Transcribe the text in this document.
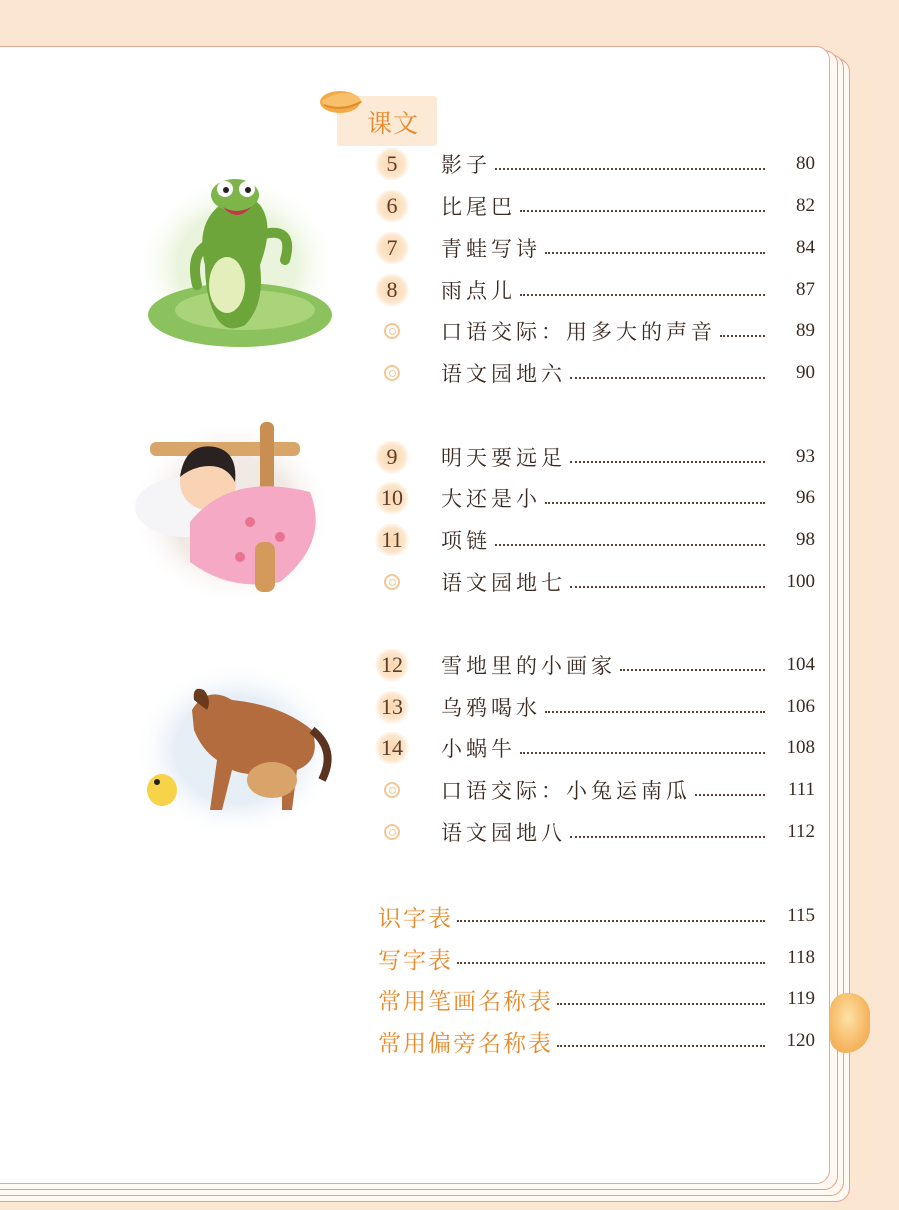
课文
5	影子	80
6	比尾巴	82
7	青蛙写诗	84
8	雨点儿	87
口语交际：用多大的声音	89
语文园地六	90
9	明天要远足	93
10 大还是小	96
11	项链	98
语文园地七	100
12 雪地里的小画家	104
13 乌鸦喝水	106
14 小蜗牛	108
口语交际：小兔运南瓜	111
语文园地八	112
识字表	115
写字表	118
常用笔画名称表	119
常用偏旁名称表	120
